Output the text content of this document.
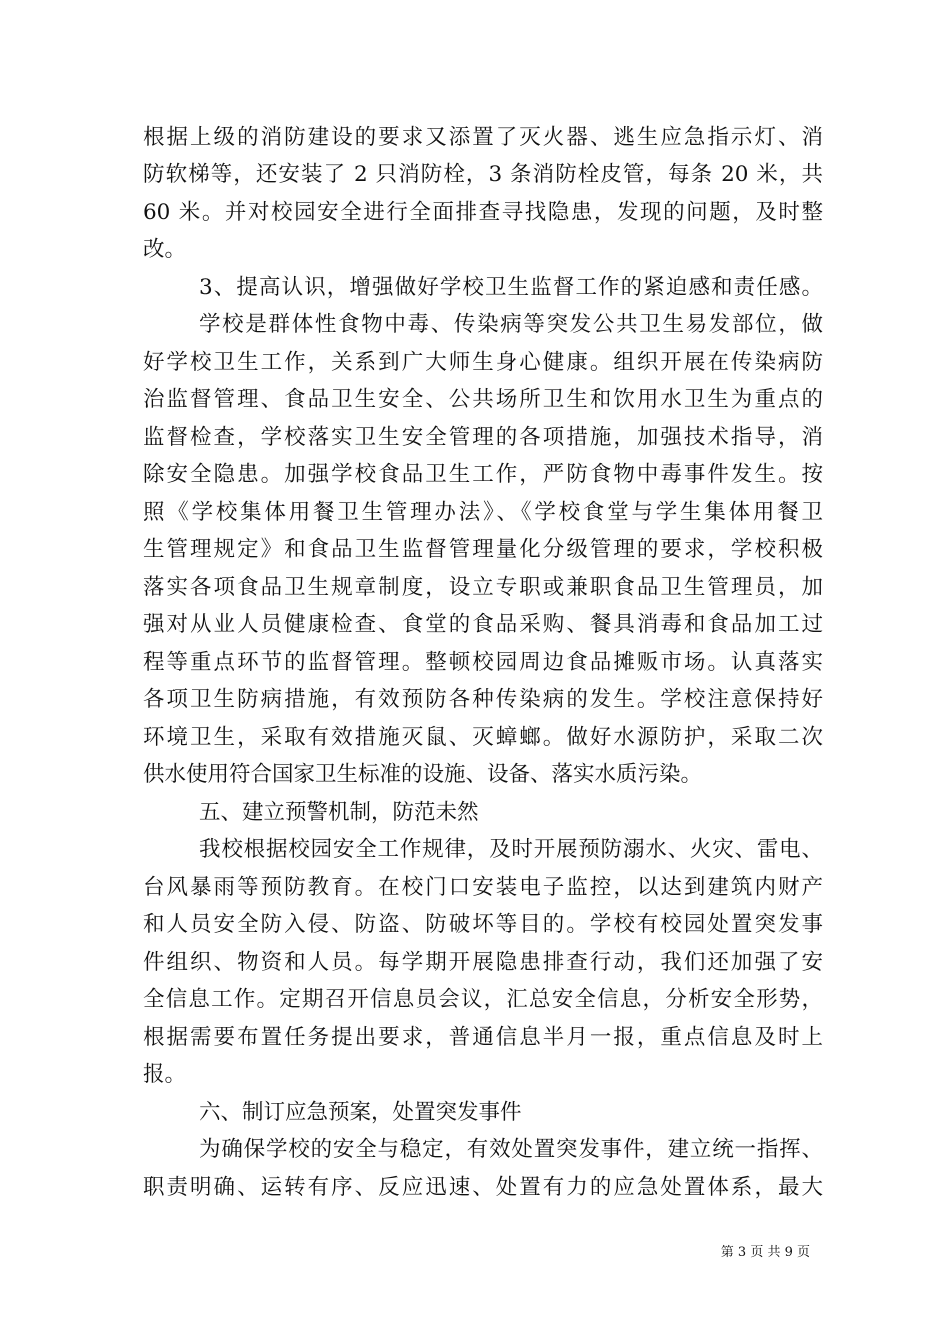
根据上级的消防建设的要求又添置了灭火器、逃生应急指示灯、消
防软梯等，还安装了 2 只消防栓，3 条消防栓皮管，每条 20 米，共
60 米。并对校园安全进行全面排查寻找隐患，发现的问题，及时整
改。
3、提高认识，增强做好学校卫生监督工作的紧迫感和责任感。
学校是群体性食物中毒、传染病等突发公共卫生易发部位，做
好学校卫生工作，关系到广大师生身心健康。组织开展在传染病防
治监督管理、食品卫生安全、公共场所卫生和饮用水卫生为重点的
监督检查，学校落实卫生安全管理的各项措施，加强技术指导，消
除安全隐患。加强学校食品卫生工作，严防食物中毒事件发生。按
照《学校集体用餐卫生管理办法》、《学校食堂与学生集体用餐卫
生管理规定》和食品卫生监督管理量化分级管理的要求，学校积极
落实各项食品卫生规章制度，设立专职或兼职食品卫生管理员，加
强对从业人员健康检查、食堂的食品采购、餐具消毒和食品加工过
程等重点环节的监督管理。整顿校园周边食品摊贩市场。认真落实
各项卫生防病措施，有效预防各种传染病的发生。学校注意保持好
环境卫生，采取有效措施灭鼠、灭蟑螂。做好水源防护，采取二次
供水使用符合国家卫生标准的设施、设备、落实水质污染。
五、建立预警机制，防范未然
我校根据校园安全工作规律，及时开展预防溺水、火灾、雷电、
台风暴雨等预防教育。在校门口安装电子监控，以达到建筑内财产
和人员安全防入侵、防盗、防破坏等目的。学校有校园处置突发事
件组织、物资和人员。每学期开展隐患排查行动，我们还加强了安
全信息工作。定期召开信息员会议，汇总安全信息，分析安全形势，
根据需要布置任务提出要求，普通信息半月一报，重点信息及时上
报。
六、制订应急预案，处置突发事件
为确保学校的安全与稳定，有效处置突发事件，建立统一指挥、
职责明确、运转有序、反应迅速、处置有力的应急处置体系，最大
第 3 页 共 9 页
